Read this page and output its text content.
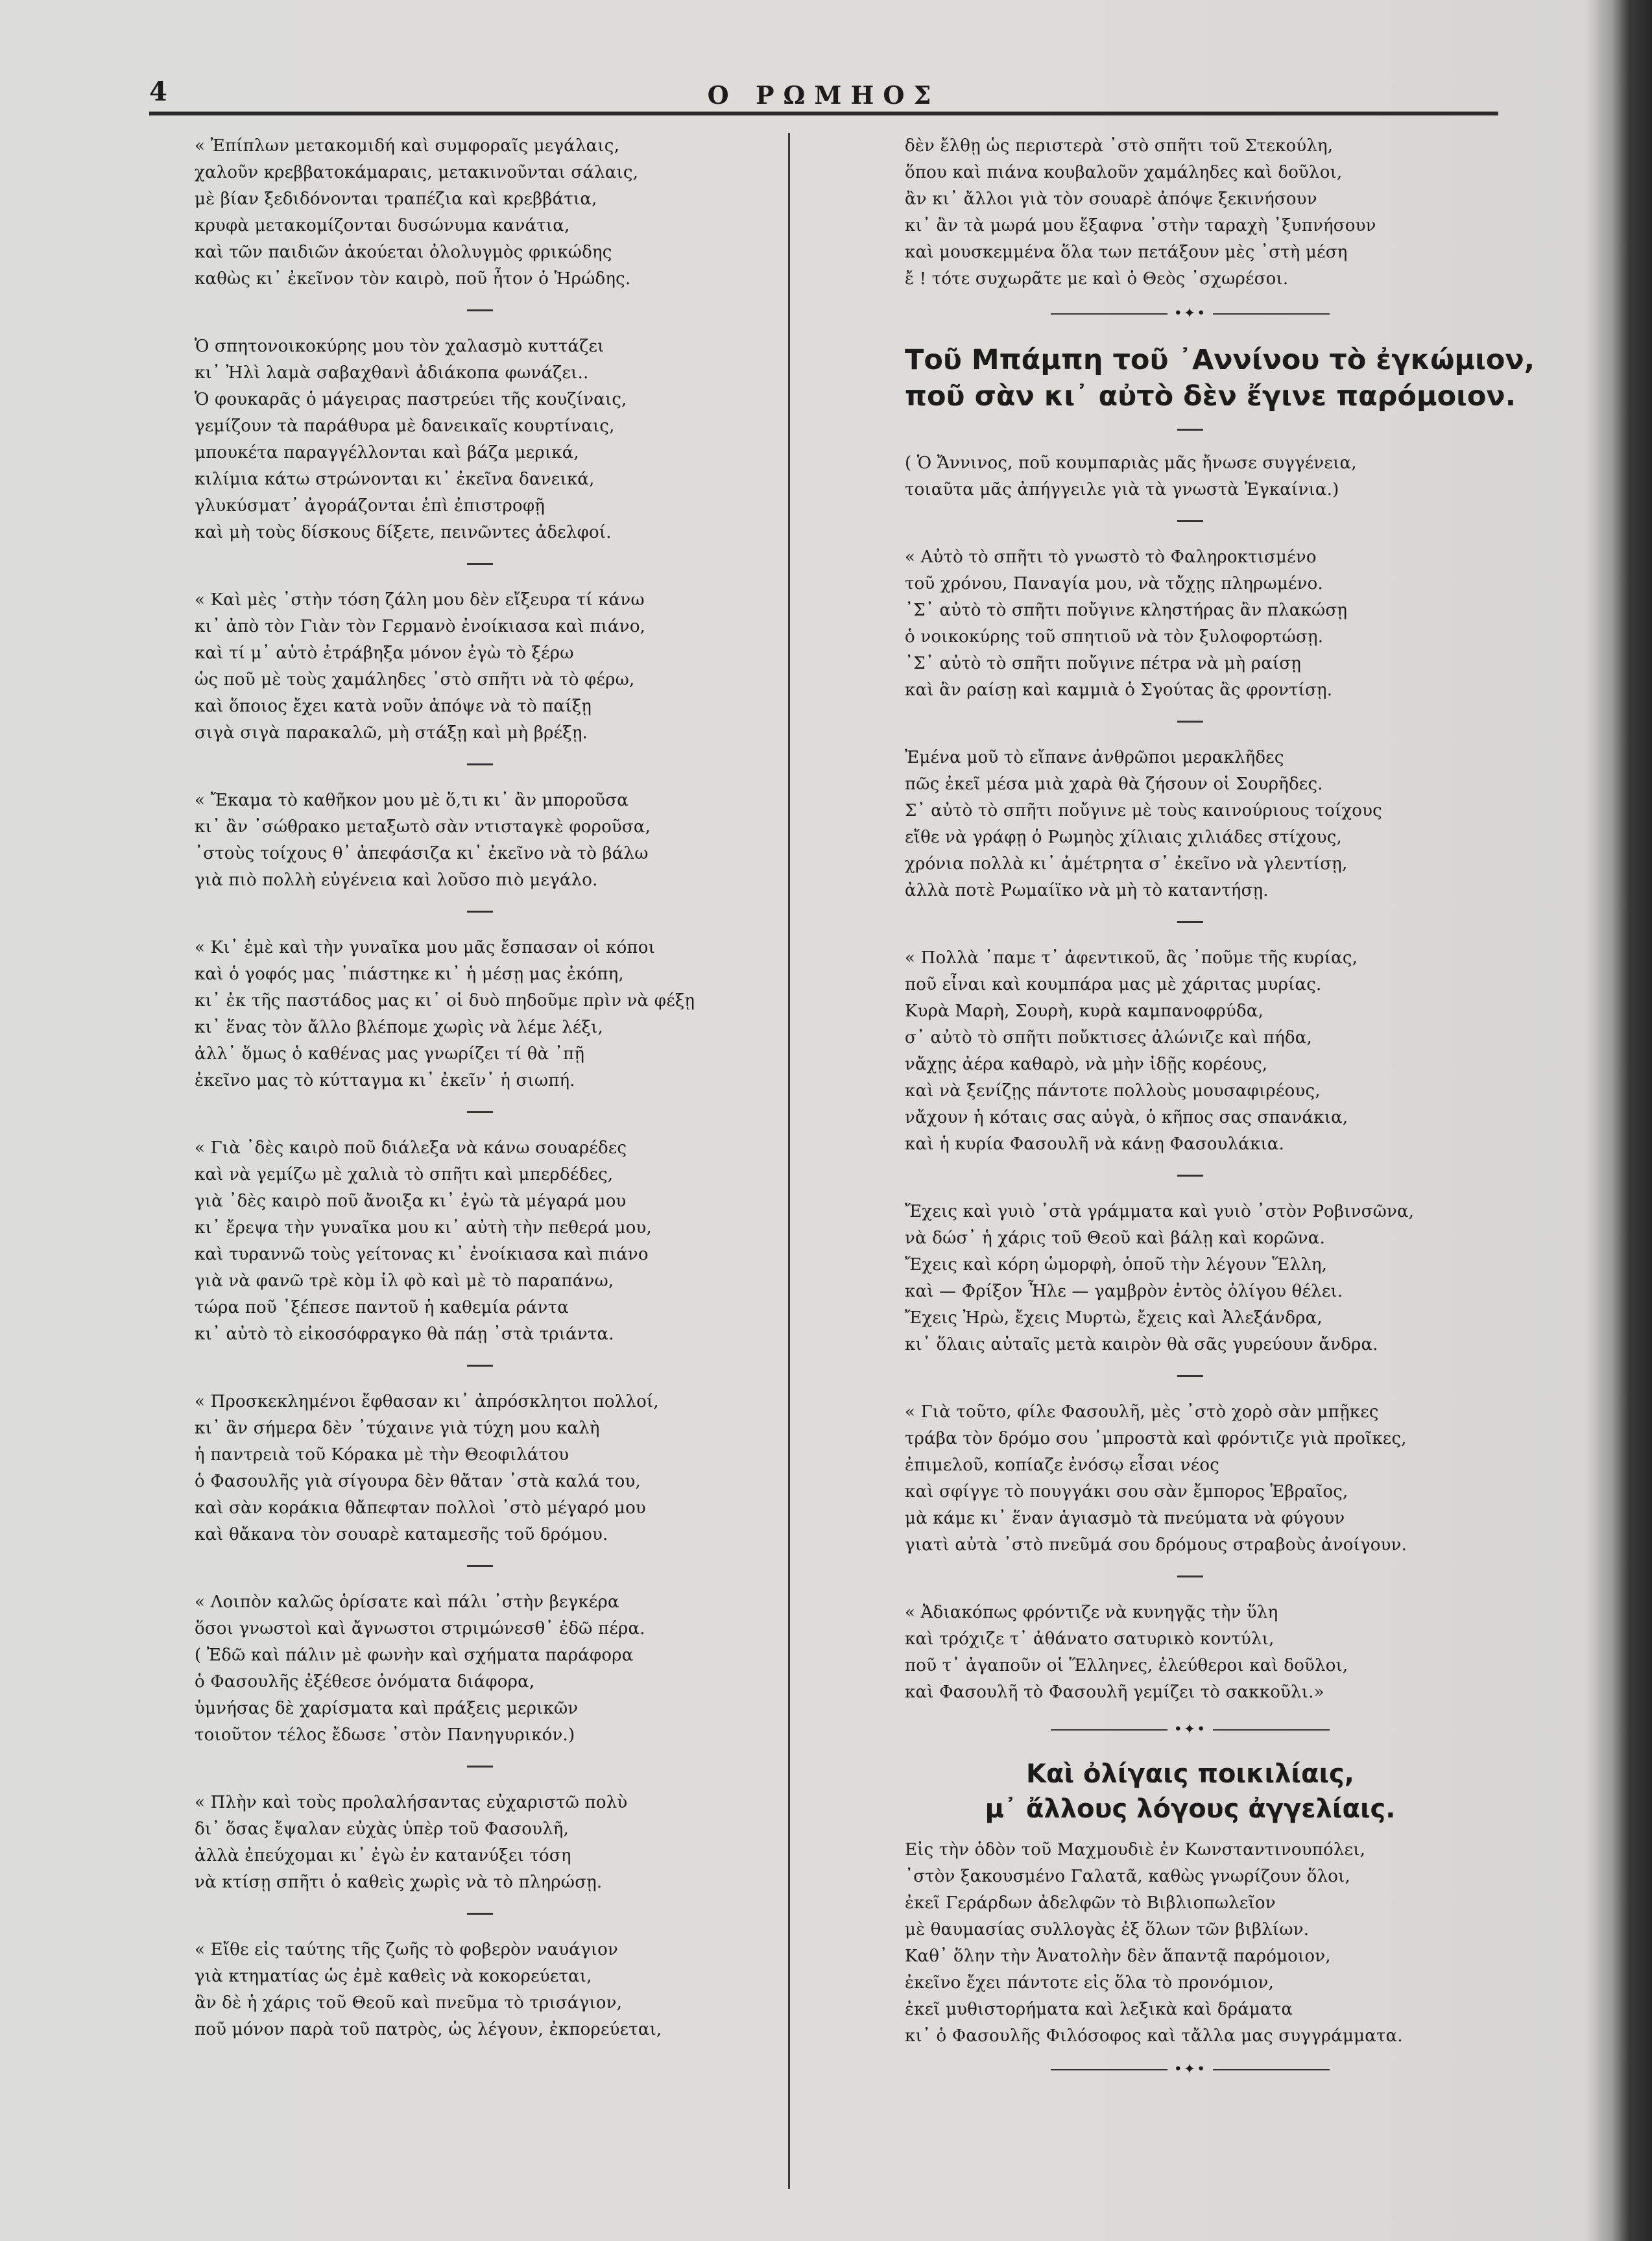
4	Ο ΡΩΜΗΟΣ
« Ἐπίπλων μετακομιδή καὶ συμφοραῖς μεγάλαις,
χαλοῦν κρεββατοκάμαραις, μετακινοῦνται σάλαις,
μὲ βίαν ξεδιδόνονται τραπέζια καὶ κρεββάτια,
κρυφὰ μετακομίζονται δυσώνυμα κανάτια,
καὶ τῶν παιδιῶν ἀκούεται ὀλολυγμὸς φρικώδης
καθὼς κι᾿ ἐκεῖνον τὸν καιρὸ, ποῦ ἦτον ὁ Ἡρώδης.
Ὁ σπητονοικοκύρης μου τὸν χαλασμὸ κυττάζει
κι᾿ Ἠλὶ λαμὰ σαβαχθανὶ ἀδιάκοπα φωνάζει..
Ὁ φουκαρᾶς ὁ μάγειρας παστρεύει τῆς κουζίναις,
γεμίζουν τὰ παράθυρα μὲ δανεικαῖς κουρτίναις,
μπουκέτα παραγγέλλονται καὶ βάζα μερικά,
κιλίμια κάτω στρώνονται κι᾿ ἐκεῖνα δανεικά,
γλυκύσματ᾿ ἀγοράζονται ἐπὶ ἐπιστροφῇ
καὶ μὴ τοὺς δίσκους δίξετε, πεινῶντες ἀδελφοί.
« Καὶ μὲς ᾿στὴν τόση ζάλη μου δὲν εἴξευρα τί κάνω
κι᾿ ἀπὸ τὸν Γιὰν τὸν Γερμανὸ ἐνοίκιασα καὶ πιάνο,
καὶ τί μ᾿ αὐτὸ ἐτράβηξα μόνον ἐγὼ τὸ ξέρω
ὡς ποῦ μὲ τοὺς χαμάληδες ᾿στὸ σπῆτι νὰ τὸ φέρω,
καὶ ὅποιος ἔχει κατὰ νοῦν ἀπόψε νὰ τὸ παίξῃ
σιγὰ σιγὰ παρακαλῶ, μὴ στάξῃ καὶ μὴ βρέξῃ.
« Ἔκαμα τὸ καθῆκον μου μὲ ὅ,τι κι᾿ ἂν μποροῦσα
κι᾿ ἂν ᾿σώθρακο μεταξωτὸ σὰν ντισταγκὲ φοροῦσα,
᾿στοὺς τοίχους θ᾿ ἀπεφάσιζα κι᾿ ἐκεῖνο νὰ τὸ βάλω
γιὰ πιὸ πολλὴ εὐγένεια καὶ λοῦσο πιὸ μεγάλο.
« Κι᾿ ἐμὲ καὶ τὴν γυναῖκα μου μᾶς ἔσπασαν οἱ κόποι
καὶ ὁ γοφός μας ᾿πιάστηκε κι᾿ ἡ μέσῃ μας ἐκόπη,
κι᾿ ἐκ τῆς παστάδος μας κι᾿ οἱ δυὸ πηδοῦμε πρὶν νὰ φέξῃ
κι᾿ ἕνας τὸν ἄλλο βλέπομε χωρὶς νὰ λέμε λέξι,
ἀλλ᾿ ὅμως ὁ καθένας μας γνωρίζει τί θὰ ᾿πῇ
ἐκεῖνο μας τὸ κύτταγμα κι᾿ ἐκεῖν᾿ ἡ σιωπή.
« Γιὰ ᾿δὲς καιρὸ ποῦ διάλεξα νὰ κάνω σουαρέδες
καὶ νὰ γεμίζω μὲ χαλιὰ τὸ σπῆτι καὶ μπερδέδες,
γιὰ ᾿δὲς καιρὸ ποῦ ἄνοιξα κι᾿ ἐγὼ τὰ μέγαρά μου
κι᾿ ἔρεψα τὴν γυναῖκα μου κι᾿ αὐτὴ τὴν πεθερά μου,
καὶ τυραννῶ τοὺς γείτονας κι᾿ ἐνοίκιασα καὶ πιάνο
γιὰ νὰ φανῶ τρὲ κὸμ ἰλ φὸ καὶ μὲ τὸ παραπάνω,
τώρα ποῦ ᾿ξέπεσε παντοῦ ἡ καθεμία ράντα
κι᾿ αὐτὸ τὸ εἰκοσόφραγκο θὰ πάῃ ᾿στὰ τριάντα.
« Προσκεκλημένοι ἔφθασαν κι᾿ ἀπρόσκλητοι πολλοί,
κι᾿ ἂν σήμερα δὲν ᾿τύχαινε γιὰ τύχη μου καλὴ
ἡ παντρειὰ τοῦ Κόρακα μὲ τὴν Θεοφιλάτου
ὁ Φασουλῆς γιὰ σίγουρα δὲν θἄταν ᾿στὰ καλά του,
καὶ σὰν κοράκια θἄπεφταν πολλοὶ ᾿στὸ μέγαρό μου
καὶ θἄκανα τὸν σουαρὲ καταμεσῆς τοῦ δρόμου.
« Λοιπὸν καλῶς ὁρίσατε καὶ πάλι ᾿στὴν βεγκέρα
ὅσοι γνωστοὶ καὶ ἄγνωστοι στριμώνεσθ᾿ ἐδῶ πέρα.
( Ἐδῶ καὶ πάλιν μὲ φωνὴν καὶ σχήματα παράφορα
ὁ Φασουλῆς ἐξέθεσε ὀνόματα διάφορα,
ὑμνήσας δὲ χαρίσματα καὶ πράξεις μερικῶν
τοιοῦτον τέλος ἔδωσε ᾿στὸν Πανηγυρικόν.)
« Πλὴν καὶ τοὺς προλαλήσαντας εὐχαριστῶ πολὺ
δι᾿ ὅσας ἔψαλαν εὐχὰς ὑπὲρ τοῦ Φασουλῆ,
ἀλλὰ ἐπεύχομαι κι᾿ ἐγὼ ἐν κατανύξει τόση
νὰ κτίσῃ σπῆτι ὁ καθεὶς χωρὶς νὰ τὸ πληρώσῃ.
« Εἴθε εἰς ταύτης τῆς ζωῆς τὸ φοβερὸν ναυάγιον
γιὰ κτηματίας ὡς ἐμὲ καθεὶς νὰ κοκορεύεται,
ἂν δὲ ἡ χάρις τοῦ Θεοῦ καὶ πνεῦμα τὸ τρισάγιον,
ποῦ μόνον παρὰ τοῦ πατρὸς, ὡς λέγουν, ἐκπορεύεται,
δὲν ἔλθῃ ὡς περιστερὰ ᾿στὸ σπῆτι τοῦ Στεκούλη,
ὅπου καὶ πιάνα κουβαλοῦν χαμάληδες καὶ δοῦλοι,
ἂν κι᾿ ἄλλοι γιὰ τὸν σουαρὲ ἀπόψε ξεκινήσουν
κι᾿ ἂν τὰ μωρά μου ἔξαφνα ᾿στὴν ταραχὴ ᾿ξυπνήσουν
καὶ μουσκεμμένα ὅλα των πετάξουν μὲς ᾿στὴ μέση
ἔ ! τότε συχωρᾶτε με καὶ ὁ Θεὸς ᾿σχωρέσοι.
•✦•
Τοῦ Μπάμπη τοῦ ᾿Αννίνου τὸ ἐγκώμιον,
ποῦ σὰν κι᾿ αὐτὸ δὲν ἔγινε παρόμοιον.
( Ὁ Ἄννινος, ποῦ κουμπαριὰς μᾶς ἤνωσε συγγένεια,
τοιαῦτα μᾶς ἀπήγγειλε γιὰ τὰ γνωστὰ Ἐγκαίνια.)
« Αὐτὸ τὸ σπῆτι τὸ γνωστὸ τὸ Φαληροκτισμένο
τοῦ χρόνου, Παναγία μου, νὰ τὄχῃς πληρωμένο.
᾿Σ᾿ αὐτὸ τὸ σπῆτι ποὔγινε κληστήρας ἂν πλακώσῃ
ὁ νοικοκύρης τοῦ σπητιοῦ νὰ τὸν ξυλοφορτώσῃ.
᾿Σ᾿ αὐτὸ τὸ σπῆτι ποὔγινε πέτρα νὰ μὴ ραίσῃ
καὶ ἂν ραίσῃ καὶ καμμιὰ ὁ Σγούτας ἂς φροντίσῃ.
Ἐμένα μοῦ τὸ εἴπανε ἀνθρῶποι μερακλῆδες
πῶς ἐκεῖ μέσα μιὰ χαρὰ θὰ ζήσουν οἱ Σουρῆδες.
Σ᾿ αὐτὸ τὸ σπῆτι ποὔγινε μὲ τοὺς καινούριους τοίχους
εἴθε νὰ γράφῃ ὁ Ρωμηὸς χίλιαις χιλιάδες στίχους,
χρόνια πολλὰ κι᾿ ἀμέτρητα σ᾿ ἐκεῖνο νὰ γλεντίσῃ,
ἀλλὰ ποτὲ Ρωμαίϊκο νὰ μὴ τὸ καταντήσῃ.
« Πολλὰ ᾿παμε τ᾿ ἀφεντικοῦ, ἂς ᾿ποῦμε τῆς κυρίας,
ποῦ εἶναι καὶ κουμπάρα μας μὲ χάριτας μυρίας.
Κυρὰ Μαρὴ, Σουρὴ, κυρὰ καμπανοφρύδα,
σ᾿ αὐτὸ τὸ σπῆτι ποὔκτισες ἀλώνιζε καὶ πήδα,
νἄχῃς ἀέρα καθαρὸ, νὰ μὴν ἰδῇς κορέους,
καὶ νὰ ξενίζῃς πάντοτε πολλοὺς μουσαφιρέους,
νἄχουν ἡ κόταις σας αὐγὰ, ὁ κῆπος σας σπανάκια,
καὶ ἡ κυρία Φασουλῆ νὰ κάνῃ Φασουλάκια.
Ἔχεις καὶ γυιὸ ᾿στὰ γράμματα καὶ γυιὸ ᾿στὸν Ροβινσῶνα,
νὰ δώσ᾿ ἡ χάρις τοῦ Θεοῦ καὶ βάλῃ καὶ κορῶνα.
Ἔχεις καὶ κόρη ὡμορφὴ, ὁποῦ τὴν λέγουν Ἕλλη,
καὶ — Φρίξον Ἦλε — γαμβρὸν ἐντὸς ὀλίγου θέλει.
Ἔχεις Ἠρὼ, ἔχεις Μυρτὼ, ἔχεις καὶ Ἀλεξάνδρα,
κι᾿ ὅλαις αὐταῖς μετὰ καιρὸν θὰ σᾶς γυρεύουν ἄνδρα.
« Γιὰ τοῦτο, φίλε Φασουλῆ, μὲς ᾿στὸ χορὸ σὰν μπῇκες
τράβα τὸν δρόμο σου ᾿μπροστὰ καὶ φρόντιζε γιὰ προῖκες,
ἐπιμελοῦ, κοπίαζε ἐνόσῳ εἶσαι νέος
καὶ σφίγγε τὸ πουγγάκι σου σὰν ἔμπορος Ἑβραῖος,
μὰ κάμε κι᾿ ἕναν ἁγιασμὸ τὰ πνεύματα νὰ φύγουν
γιατὶ αὐτὰ ᾿στὸ πνεῦμά σου δρόμους στραβοὺς ἀνοίγουν.
« Ἀδιακόπως φρόντιζε νὰ κυνηγᾷς τὴν ὕλη
καὶ τρόχιζε τ᾿ ἀθάνατο σατυρικὸ κοντύλι,
ποῦ τ᾿ ἀγαποῦν οἱ Ἕλληνες, ἐλεύθεροι καὶ δοῦλοι,
καὶ Φασουλῆ τὸ Φασουλῆ γεμίζει τὸ σακκοῦλι.»
•✦•
Καὶ ὀλίγαις ποικιλίαις,
μ᾿ ἄλλους λόγους ἀγγελίαις.
Εἰς τὴν ὁδὸν τοῦ Μαχμουδιὲ ἐν Κωνσταντινουπόλει,
᾿στὸν ξακουσμένο Γαλατᾶ, καθὼς γνωρίζουν ὅλοι,
ἐκεῖ Γεράρδων ἀδελφῶν τὸ Βιβλιοπωλεῖον
μὲ θαυμασίας συλλογὰς ἐξ ὅλων τῶν βιβλίων.
Καθ᾿ ὅλην τὴν Ἀνατολὴν δὲν ἅπαντᾷ παρόμοιον,
ἐκεῖνο ἔχει πάντοτε εἰς ὅλα τὸ προνόμιον,
ἐκεῖ μυθιστορήματα καὶ λεξικὰ καὶ δράματα
κι᾿ ὁ Φασουλῆς Φιλόσοφος καὶ τἄλλα μας συγγράμματα.
•✦•
